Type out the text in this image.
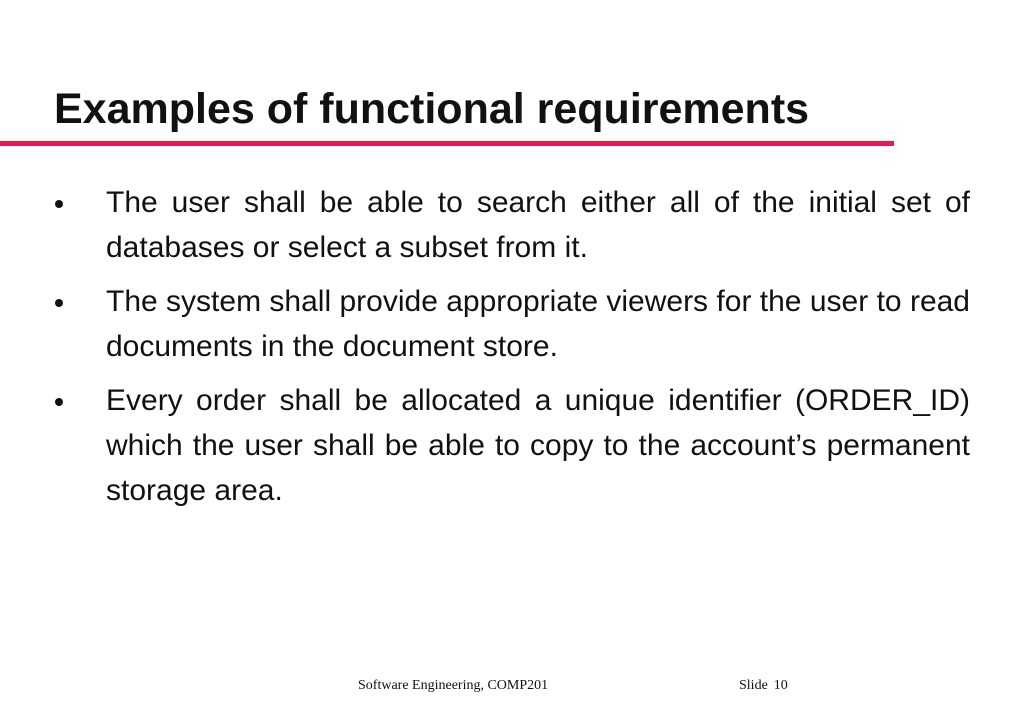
Examples of functional requirements
The user shall be able to search either all of the initial set of databases or select a subset from it.
The system shall provide appropriate viewers for the user to read documents in the document store.
Every order shall be allocated a unique identifier (ORDER_ID) which the user shall be able to copy to the account’s permanent storage area.
Software Engineering, COMP201	Slide 10
